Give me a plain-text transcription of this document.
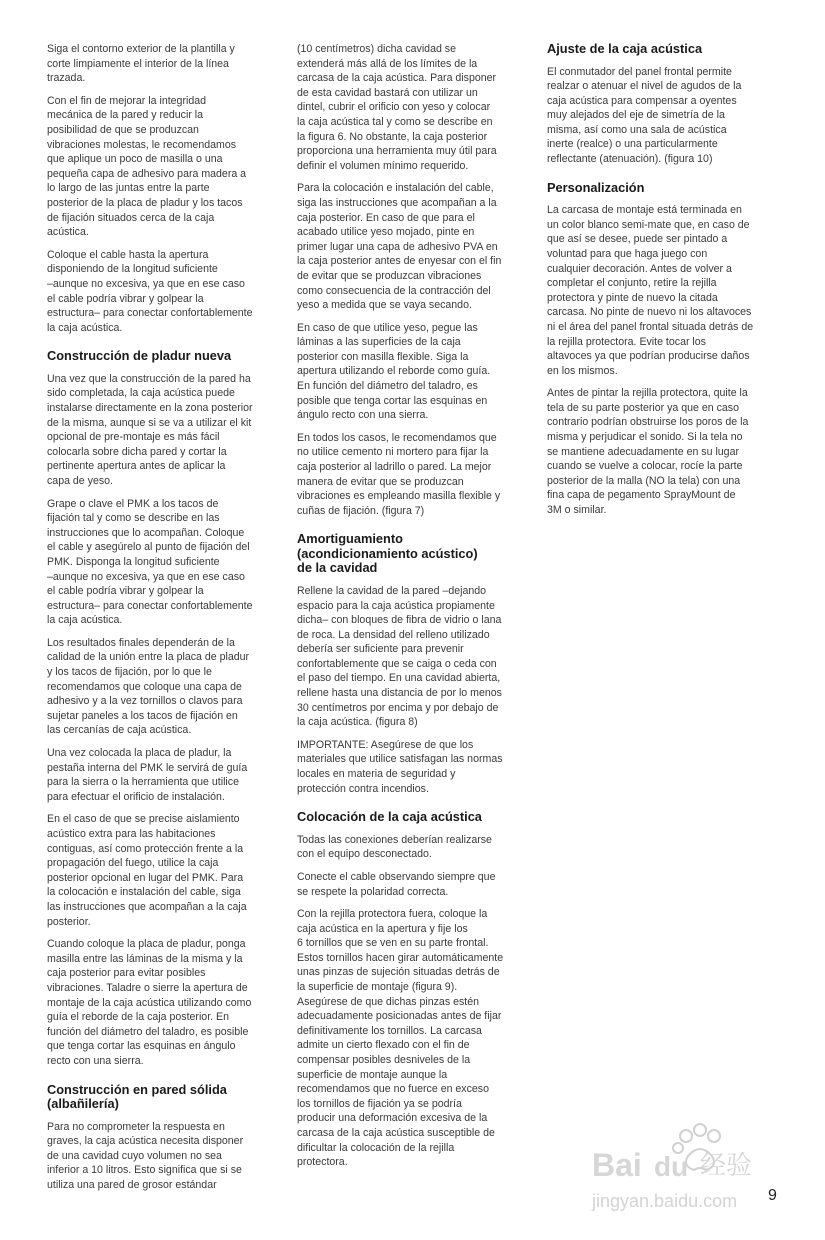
Siga el contorno exterior de la plantilla y
corte limpiamente el interior de la línea
trazada.

Con el fin de mejorar la integridad
mecánica de la pared y reducir la
posibilidad de que se produzcan
vibraciones molestas, le recomendamos
que aplique un poco de masilla o una
pequeña capa de adhesivo para madera a
lo largo de las juntas entre la parte
posterior de la placa de pladur y los tacos
de fijación situados cerca de la caja
acústica.

Coloque el cable hasta la apertura
disponiendo de la longitud suficiente
–aunque no excesiva, ya que en ese caso
el cable podría vibrar y golpear la
estructura– para conectar confortablemente
la caja acústica.

Construcción de pladur nueva

Una vez que la construcción de la pared ha
sido completada, la caja acústica puede
instalarse directamente en la zona posterior
de la misma, aunque si se va a utilizar el kit
opcional de pre-montaje es más fácil
colocarla sobre dicha pared y cortar la
pertinente apertura antes de aplicar la
capa de yeso.

Grape o clave el PMK a los tacos de
fijación tal y como se describe en las
instrucciones que lo acompañan. Coloque
el cable y asegúrelo al punto de fijación del
PMK. Disponga la longitud suficiente
–aunque no excesiva, ya que en ese caso
el cable podría vibrar y golpear la
estructura– para conectar confortablemente
la caja acústica.

Los resultados finales dependerán de la
calidad de la unión entre la placa de pladur
y los tacos de fijación, por lo que le
recomendamos que coloque una capa de
adhesivo y a la vez tornillos o clavos para
sujetar paneles a los tacos de fijación en
las cercanías de caja acústica.

Una vez colocada la placa de pladur, la
pestaña interna del PMK le servirá de guía
para la sierra o la herramienta que utilice
para efectuar el orificio de instalación.

En el caso de que se precise aislamiento
acústico extra para las habitaciones
contiguas, así como protección frente a la
propagación del fuego, utilice la caja
posterior opcional en lugar del PMK. Para
la colocación e instalación del cable, siga
las instrucciones que acompañan a la caja
posterior.

Cuando coloque la placa de pladur, ponga
masilla entre las láminas de la misma y la
caja posterior para evitar posibles
vibraciones. Taladre o sierre la apertura de
montaje de la caja acústica utilizando como
guía el reborde de la caja posterior. En
función del diámetro del taladro, es posible
que tenga cortar las esquinas en ángulo
recto con una sierra.

Construcción en pared sólida
(albañilería)

Para no comprometer la respuesta en
graves, la caja acústica necesita disponer
de una cavidad cuyo volumen no sea
inferior a 10 litros. Esto significa que si se
utiliza una pared de grosor estándar

(10 centímetros) dicha cavidad se
extenderá más allá de los límites de la
carcasa de la caja acústica. Para disponer
de esta cavidad bastará con utilizar un
dintel, cubrir el orificio con yeso y colocar
la caja acústica tal y como se describe en
la figura 6. No obstante, la caja posterior
proporciona una herramienta muy útil para
definir el volumen mínimo requerido.

Para la colocación e instalación del cable,
siga las instrucciones que acompañan a la
caja posterior. En caso de que para el
acabado utilice yeso mojado, pinte en
primer lugar una capa de adhesivo PVA en
la caja posterior antes de enyesar con el fin
de evitar que se produzcan vibraciones
como consecuencia de la contracción del
yeso a medida que se vaya secando.

En caso de que utilice yeso, pegue las
láminas a las superficies de la caja
posterior con masilla flexible. Siga la
apertura utilizando el reborde como guía.
En función del diámetro del taladro, es
posible que tenga cortar las esquinas en
ángulo recto con una sierra.

En todos los casos, le recomendamos que
no utilice cemento ni mortero para fijar la
caja posterior al ladrillo o pared. La mejor
manera de evitar que se produzcan
vibraciones es empleando masilla flexible y
cuñas de fijación. (figura 7)

Amortiguamiento
(acondicionamiento acústico)
de la cavidad

Rellene la cavidad de la pared –dejando
espacio para la caja acústica propiamente
dicha– con bloques de fibra de vidrio o lana
de roca. La densidad del relleno utilizado
debería ser suficiente para prevenir
confortablemente que se caiga o ceda con
el paso del tiempo. En una cavidad abierta,
rellene hasta una distancia de por lo menos
30 centímetros por encima y por debajo de
la caja acústica. (figura 8)

IMPORTANTE: Asegúrese de que los
materiales que utilice satisfagan las normas
locales en materia de seguridad y
protección contra incendios.

Colocación de la caja acústica

Todas las conexiones deberían realizarse
con el equipo desconectado.

Conecte el cable observando siempre que
se respete la polaridad correcta.

Con la rejilla protectora fuera, coloque la
caja acústica en la apertura y fije los
6 tornillos que se ven en su parte frontal.
Estos tornillos hacen girar automáticamente
unas pinzas de sujeción situadas detrás de
la superficie de montaje (figura 9).
Asegúrese de que dichas pinzas estén
adecuadamente posicionadas antes de fijar
definitivamente los tornillos. La carcasa
admite un cierto flexado con el fin de
compensar posibles desniveles de la
superficie de montaje aunque la
recomendamos que no fuerce en exceso
los tornillos de fijación ya se podría
producir una deformación excesiva de la
carcasa de la caja acústica susceptible de
dificultar la colocación de la rejilla
protectora.

Ajuste de la caja acústica

El conmutador del panel frontal permite
realzar o atenuar el nivel de agudos de la
caja acústica para compensar a oyentes
muy alejados del eje de simetría de la
misma, así como una sala de acústica
inerte (realce) o una particularmente
reflectante (atenuación). (figura 10)

Personalización

La carcasa de montaje está terminada en
un color blanco semi-mate que, en caso de
que así se desee, puede ser pintado a
voluntad para que haga juego con
cualquier decoración. Antes de volver a
completar el conjunto, retire la rejilla
protectora y pinte de nuevo la citada
carcasa. No pinte de nuevo ni los altavoces
ni el área del panel frontal situada detrás de
la rejilla protectora. Evite tocar los
altavoces ya que podrían producirse daños
en los mismos.

Antes de pintar la rejilla protectora, quite la
tela de su parte posterior ya que en caso
contrario podrían obstruirse los poros de la
misma y perjudicar el sonido. Si la tela no
se mantiene adecuadamente en su lugar
cuando se vuelve a colocar, rocíe la parte
posterior de la malla (NO la tela) con una
fina capa de pegamento SprayMount de
3M o similar.

9
Bai du 经验
jingyan.baidu.com
